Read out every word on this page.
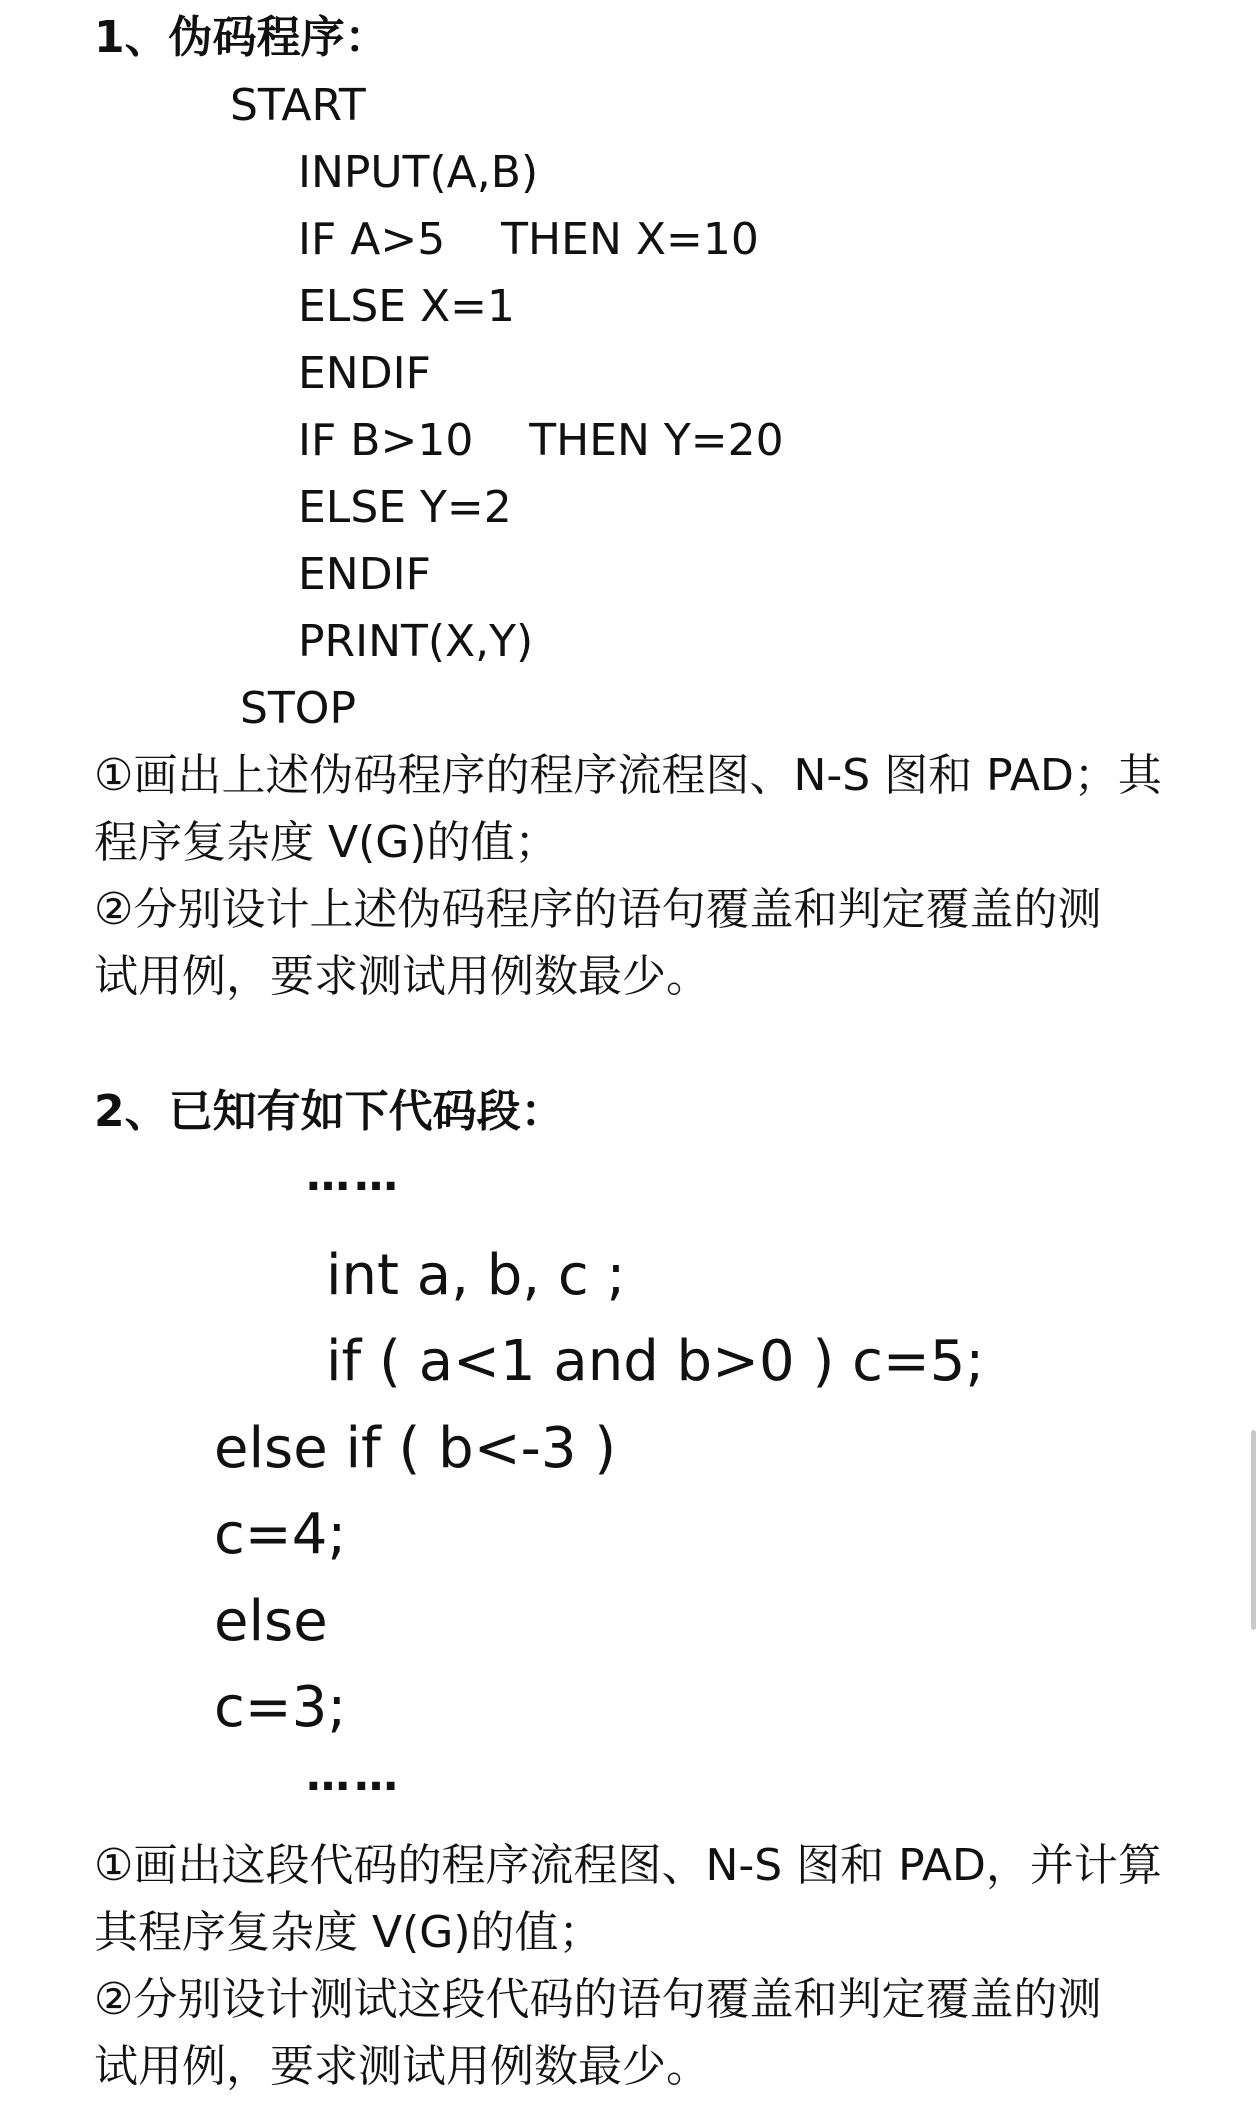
1、伪码程序：
START
INPUT(A,B)
IF A>5    THEN X=10
ELSE X=1
ENDIF
IF B>10    THEN Y=20
ELSE Y=2
ENDIF
PRINT(X,Y)
STOP
①画出上述伪码程序的程序流程图、N-S 图和 PAD；其
程序复杂度 V(G)的值；
②分别设计上述伪码程序的语句覆盖和判定覆盖的测
试用例，要求测试用例数最少。
2、已知有如下代码段：
……
int a, b, c ;
if ( a<1 and b>0 ) c=5;
else if ( b<-3 )
c=4;
else
c=3;
……
①画出这段代码的程序流程图、N-S 图和 PAD，并计算
其程序复杂度 V(G)的值；
②分别设计测试这段代码的语句覆盖和判定覆盖的测
试用例，要求测试用例数最少。
